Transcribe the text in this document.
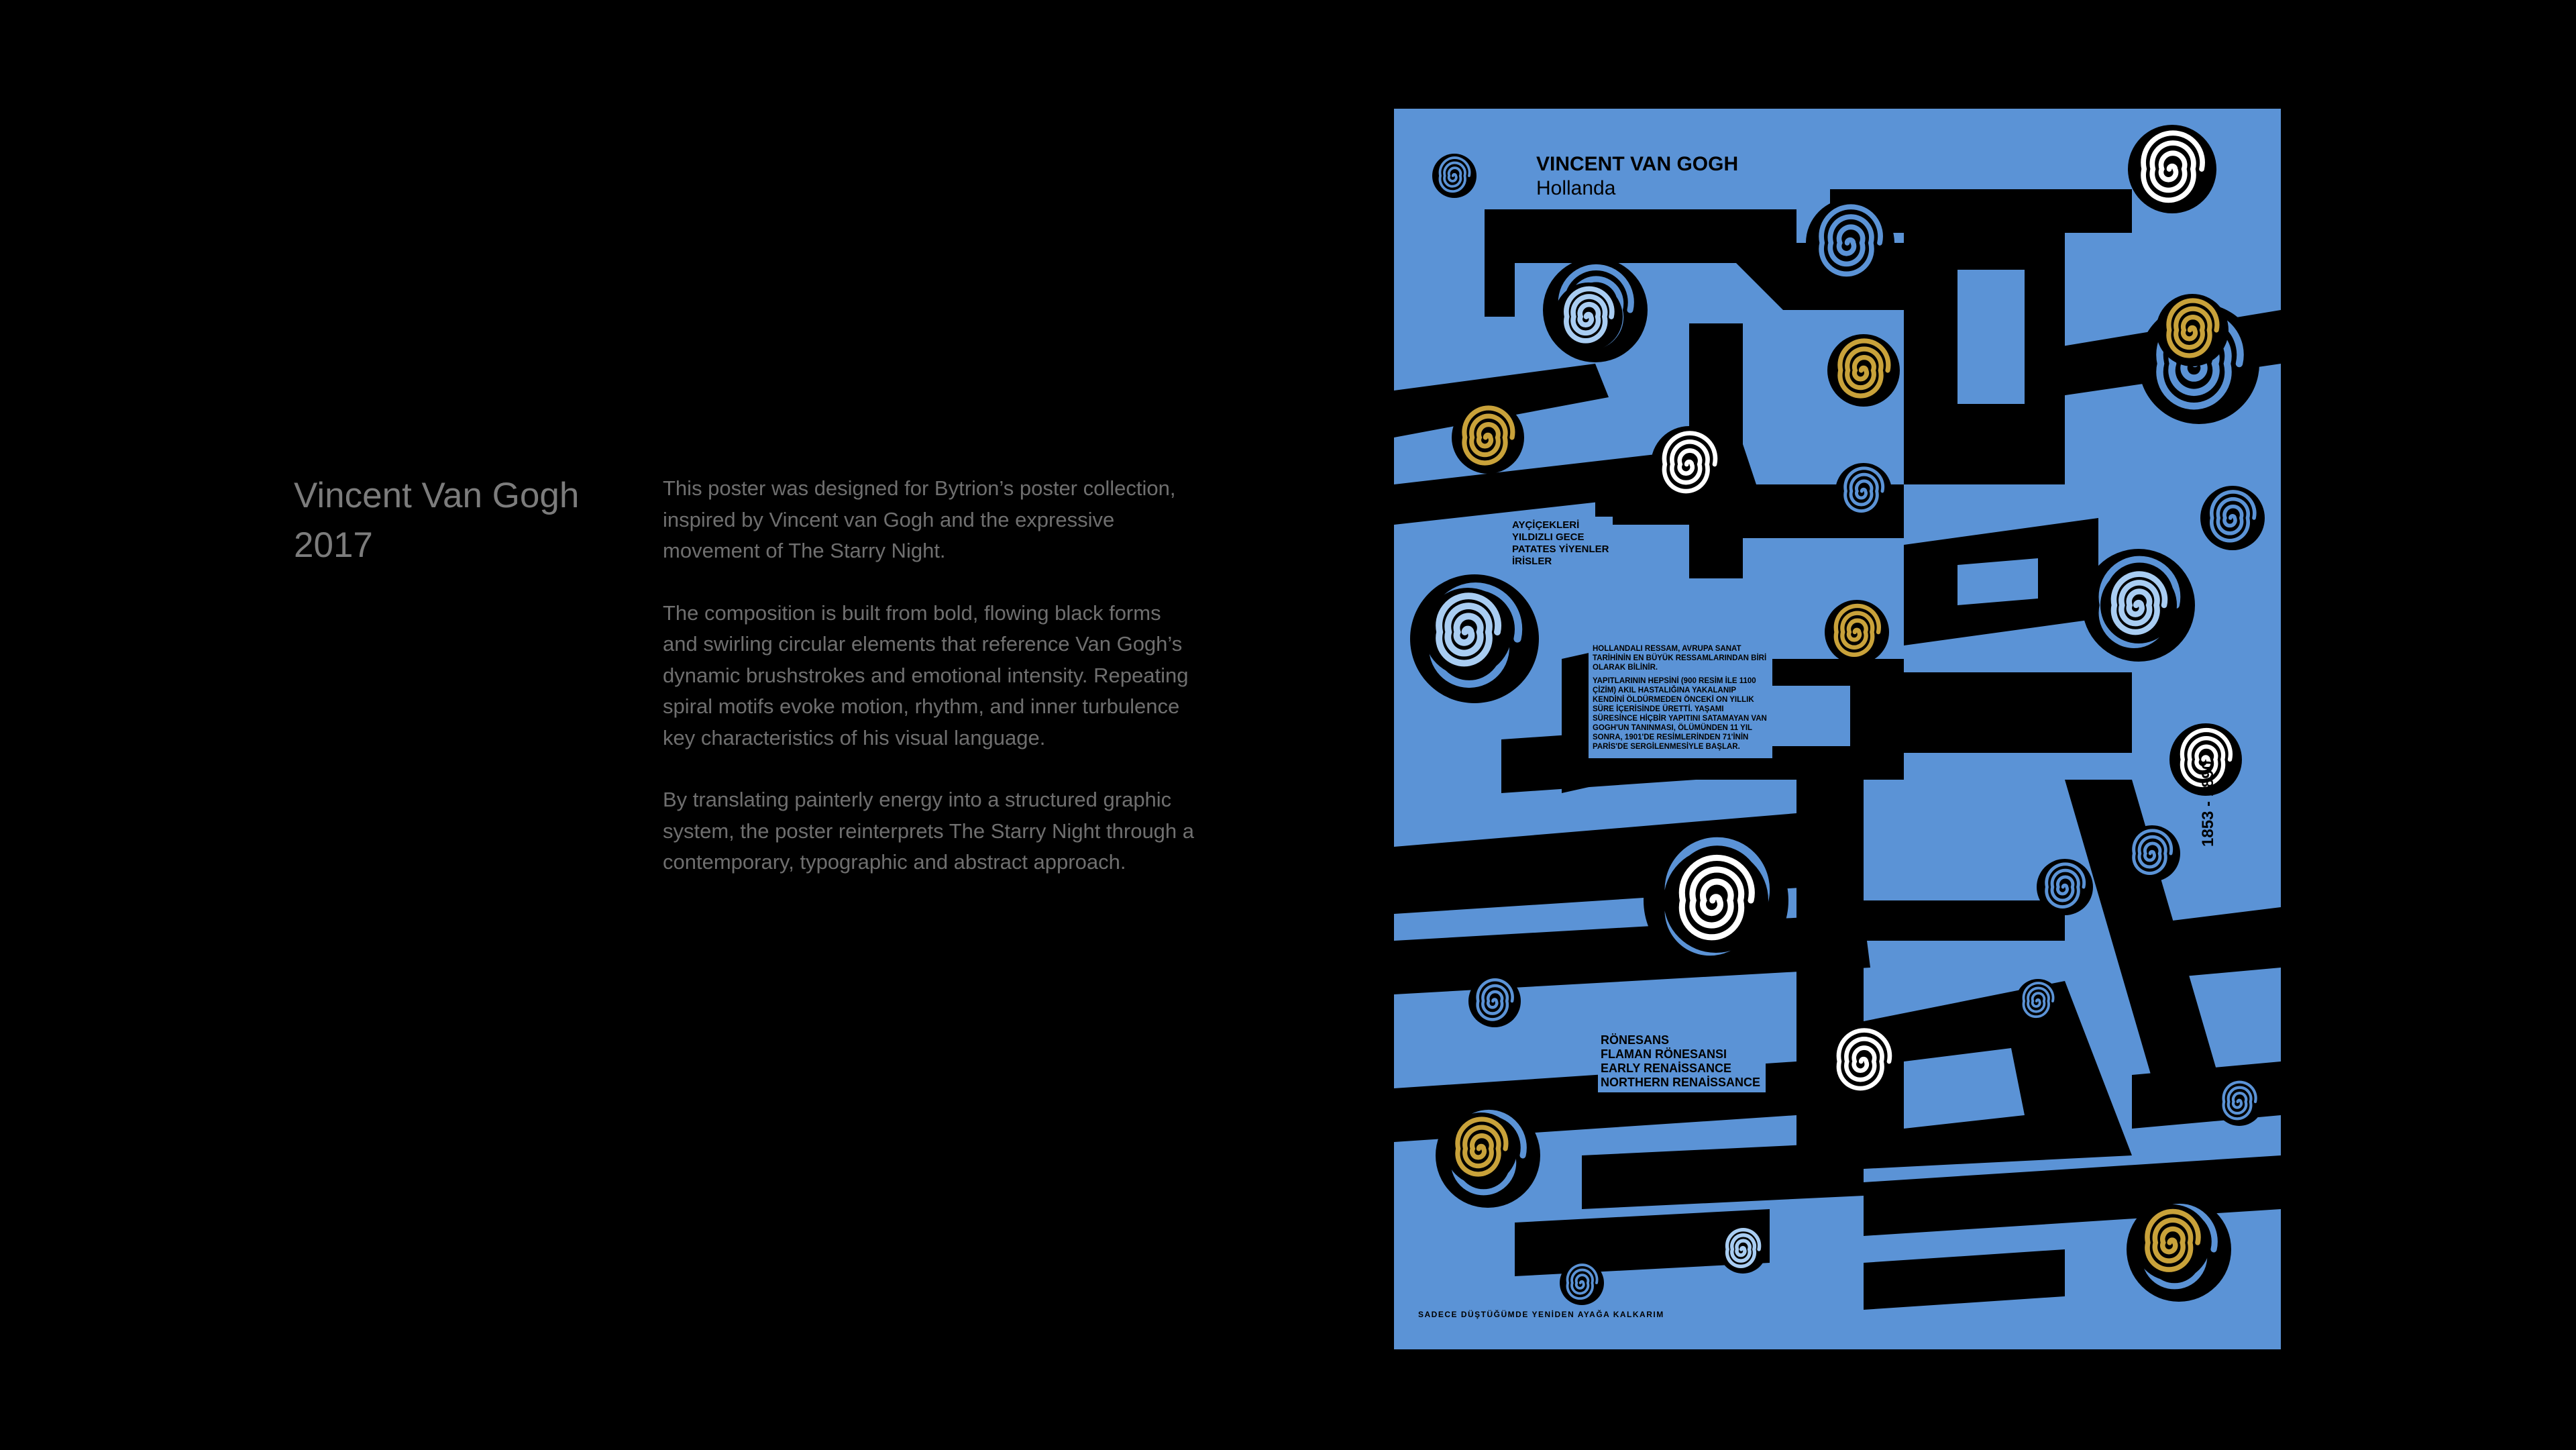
Vincent Van Gogh
2017

This poster was designed for Bytrion’s poster collection, inspired by Vincent van Gogh and the expressive movement of The Starry Night.

The composition is built from bold, flowing black forms and swirling circular elements that reference Van Gogh’s dynamic brushstrokes and emotional intensity. Repeating spiral motifs evoke motion, rhythm, and inner turbulence key characteristics of his visual language.

By translating painterly energy into a structured graphic system, the poster reinterprets The Starry Night through a contemporary, typographic and abstract approach.

VINCENT VAN GOGH
Hollanda
AYÇİÇEKLERİ
YILDIZLI GECE
PATATES YİYENLER
İRİSLER

HOLLANDALI RESSAM, AVRUPA SANAT TARİHİNİN EN BÜYÜK RESSAMLARINDAN BİRİ OLARAK BİLİNİR.

YAPITLARININ HEPSİNİ (900 RESİM İLE 1100 ÇİZİM) AKIL HASTALIĞINA YAKALANIP KENDİNİ ÖLDÜRMEDEN ÖNCEKİ ON YILLIK SÜRE İÇERİSİNDE ÜRETTİ. YAŞAMI SÜRESİNCE HİÇBİR YAPITINI SATAMAYAN VAN GOGH'UN TANINMASI, ÖLÜMÜNDEN 11 YIL SONRA, 1901'DE RESİMLERİNDEN 71'İNİN PARİS'DE SERGİLENMESİYLE BAŞLAR.

RÖNESANS
FLAMAN RÖNESANSI
EARLY RENAİSSANCE
NORTHERN RENAİSSANCE
1853 - 1890
SADECE DÜŞTÜĞÜMDE YENİDEN AYAĞA KALKARIM
